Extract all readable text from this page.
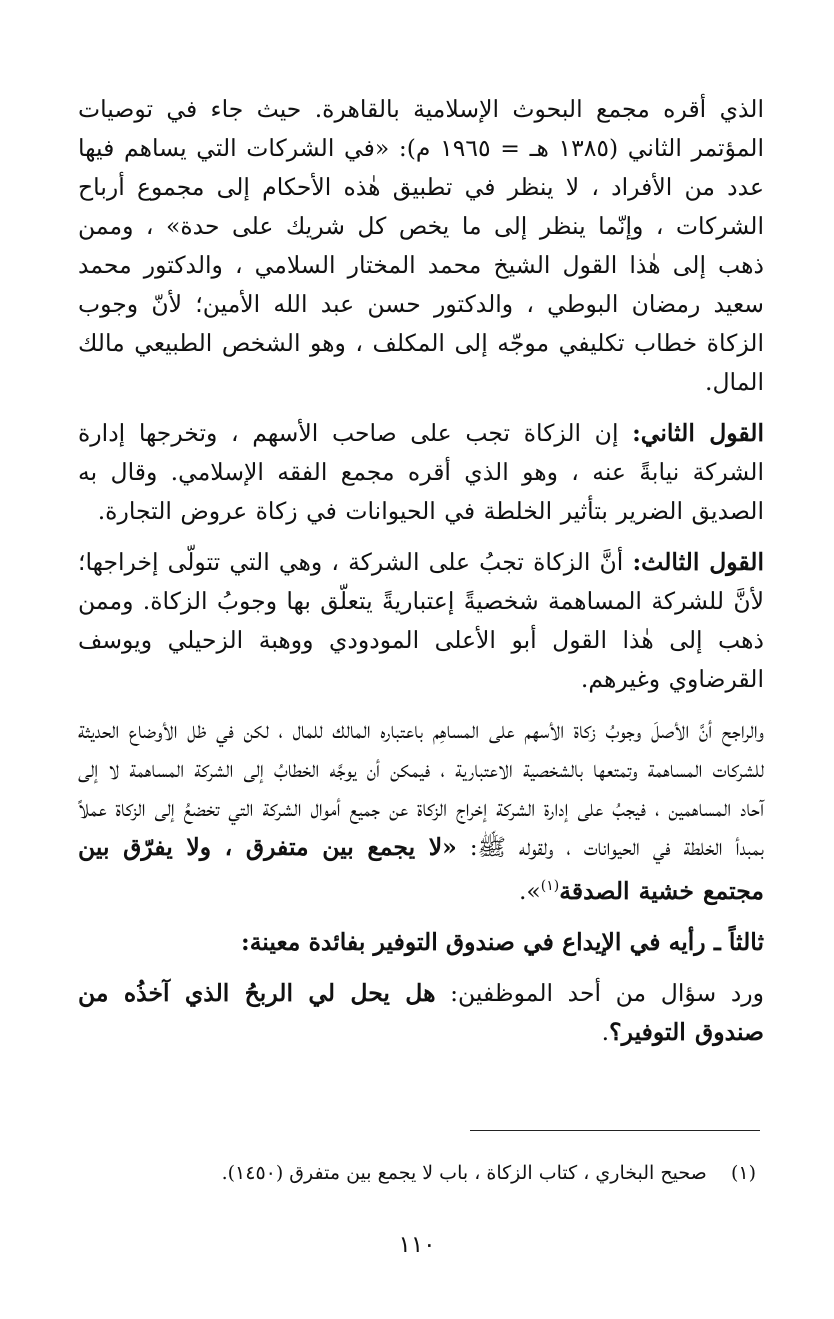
الذي أقره مجمع البحوث الإسلامية بالقاهرة. حيث جاء في توصيات المؤتمر الثاني (١٣٨٥ هـ = ١٩٦٥ م): «في الشركات التي يساهم فيها عدد من الأفراد ، لا ينظر في تطبيق هٰذه الأحكام إلى مجموع أرباح الشركات ، وإنّما ينظر إلى ما يخص كل شريك على حدة» ، وممن ذهب إلى هٰذا القول الشيخ محمد المختار السلامي ، والدكتور محمد سعيد رمضان البوطي ، والدكتور حسن عبد الله الأمين؛ لأنّ وجوب الزكاة خطاب تكليفي موجّه إلى المكلف ، وهو الشخص الطبيعي مالك المال.

القول الثاني: إن الزكاة تجب على صاحب الأسهم ، وتخرجها إدارة الشركة نيابةً عنه ، وهو الذي أقره مجمع الفقه الإسلامي. وقال به الصديق الضرير بتأثير الخلطة في الحيوانات في زكاة عروض التجارة.

القول الثالث: أنَّ الزكاة تجبُ على الشركة ، وهي التي تتولّى إخراجها؛ لأنَّ للشركة المساهمة شخصيةً إعتباريةً يتعلّق بها وجوبُ الزكاة. وممن ذهب إلى هٰذا القول أبو الأعلى المودودي ووهبة الزحيلي ويوسف القرضاوي وغيرهم.

والراجح أنَّ الأصلَ وجوبُ زكاة الأسهم على المساهِم باعتباره المالك للمال ، لكن في ظل الأوضاع الحديثة للشركات المساهمة وتمتعها بالشخصية الاعتبارية ، فيمكن أن يوجَّه الخطابُ إلى الشركة المساهمة لا إلى آحاد المساهمين ، فيجبُ على إدارة الشركة إخراج الزكاة عن جميع أموال الشركة التي تخضعُ إلى الزكاة عملاً بمبدأ الخلطة في الحيوانات ، ولقوله ﷺ: «لا يجمع بين متفرق ، ولا يفرّق بين مجتمع خشية الصدقة$^{(١)}$».

ثالثاً ـ رأيه في الإيداع في صندوق التوفير بفائدة معينة:

ورد سؤال من أحد الموظفين: هل يحل لي الربحُ الذي آخذُه من صندوق التوفير؟.

(١)    صحيح البخاري ، كتاب الزكاة ، باب لا يجمع بين متفرق (١٤٥٠).
١١٠
